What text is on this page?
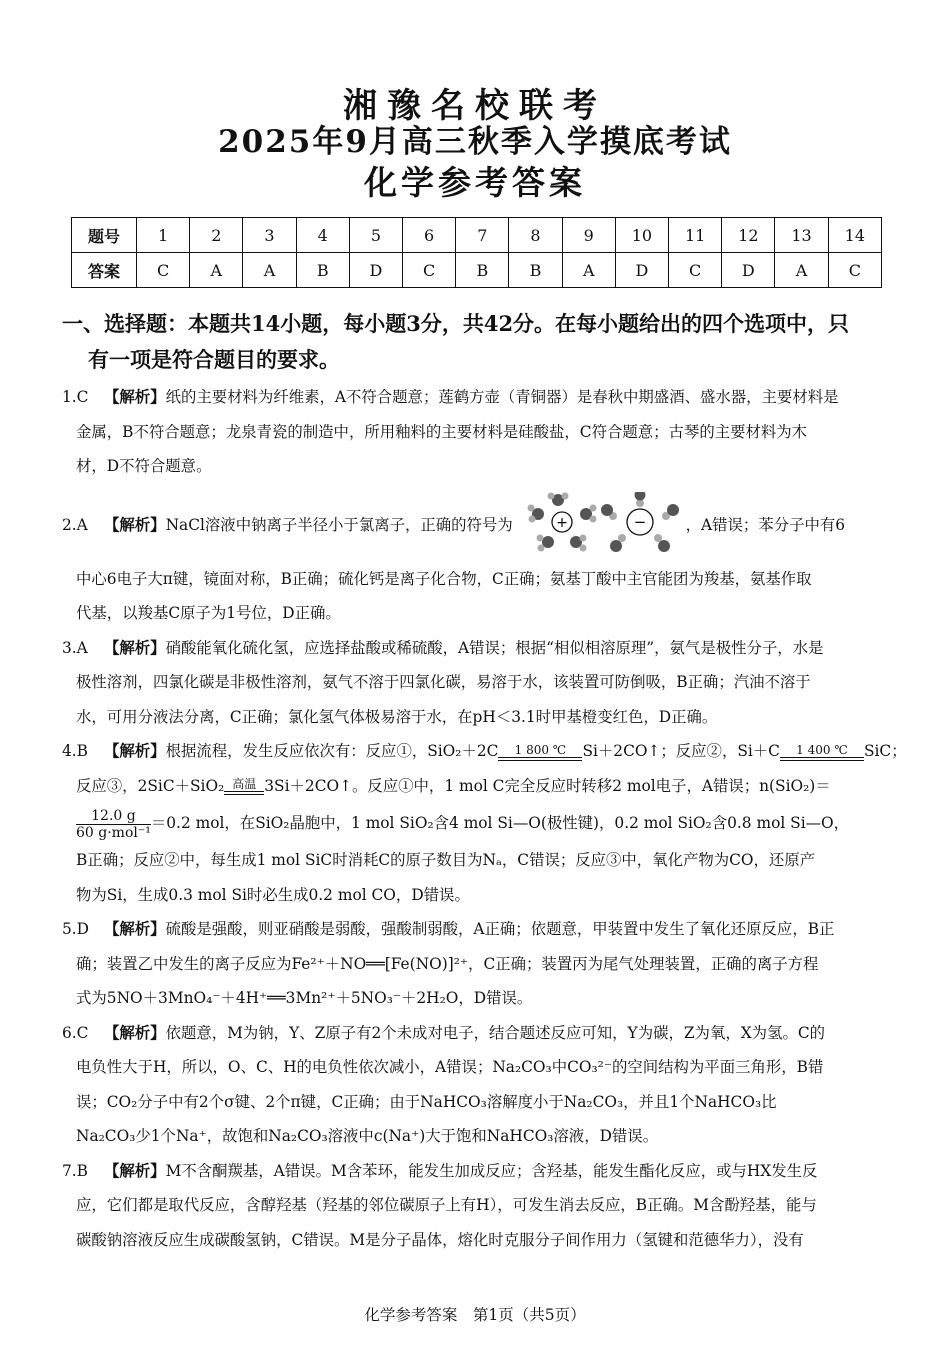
湘豫名校联考
2025年9月高三秋季入学摸底考试
化学参考答案
题号	1	2	3	4	5	6	7	8	9	10	11	12	13	14
答案	C	A	A	B	D	C	B	B	A	D	C	D	A	C
一、选择题：本题共14小题，每小题3分，共42分。在每小题给出的四个选项中，只
有一项是符合题目的要求。
1.C 【解析】纸的主要材料为纤维素，A不符合题意；莲鹤方壶（青铜器）是春秋中期盛酒、盛水器，主要材料是
金属，B不符合题意；龙泉青瓷的制造中，所用釉料的主要材料是硅酸盐，C符合题意；古琴的主要材料为木
材，D不符合题意。
2.A 【解析】NaCl溶液中钠离子半径小于氯离子，正确的符号为	+	−	，A错误；苯分子中有6
中心6电子大π键，镜面对称，B正确；硫化钙是离子化合物，C正确；氨基丁酸中主官能团为羧基，氨基作取
代基，以羧基C原子为1号位，D正确。
3.A 【解析】硝酸能氧化硫化氢，应选择盐酸或稀硫酸，A错误；根据“相似相溶原理”，氨气是极性分子，水是
极性溶剂，四氯化碳是非极性溶剂，氨气不溶于四氯化碳，易溶于水，该装置可防倒吸，B正确；汽油不溶于
水，可用分液法分离，C正确；氯化氢气体极易溶于水，在pH＜3.1时甲基橙变红色，D正确。
4.B 【解析】根据流程，发生反应依次有：反应①，SiO₂＋2C 1 800 ℃ Si＋2CO↑；反应②，Si＋C 1 400 ℃ SiC；
反应③，2SiC＋SiO₂ 高温 3Si＋2CO↑。反应①中，1 mol C完全反应时转移2 mol电子，A错误；n(SiO₂)＝
$\frac{12.0 g}{\text{60 g·mol⁻¹}}=0.2$ mol，在SiO₂晶胞中，1 mol SiO₂含4 mol Si—O(极性键)，0.2 mol SiO₂含0.8 mol Si—O，
B正确；反应②中，每生成1 mol SiC时消耗C的原子数目为Nₐ，C错误；反应③中，氧化产物为CO，还原产
物为Si，生成0.3 mol Si时必生成0.2 mol CO，D错误。
5.D 【解析】硫酸是强酸，则亚硝酸是弱酸，强酸制弱酸，A正确；依题意，甲装置中发生了氧化还原反应，B正
确；装置乙中发生的离子反应为Fe²⁺＋NO══[Fe(NO)]²⁺，C正确；装置丙为尾气处理装置，正确的离子方程
式为5NO＋3MnO₄⁻＋4H⁺══3Mn²⁺＋5NO₃⁻＋2H₂O，D错误。
6.C 【解析】依题意，M为钠，Y、Z原子有2个未成对电子，结合题述反应可知，Y为碳，Z为氧，X为氢。C的
电负性大于H，所以，O、C、H的电负性依次减小，A错误；Na₂CO₃中CO₃²⁻的空间结构为平面三角形，B错
误；CO₂分子中有2个σ键、2个π键，C正确；由于NaHCO₃溶解度小于Na₂CO₃，并且1个NaHCO₃比
Na₂CO₃少1个Na⁺，故饱和Na₂CO₃溶液中c(Na⁺)大于饱和NaHCO₃溶液，D错误。
7.B 【解析】M不含酮羰基，A错误。M含苯环，能发生加成反应；含羟基，能发生酯化反应，或与HX发生反
应，它们都是取代反应，含醇羟基（羟基的邻位碳原子上有H），可发生消去反应，B正确。M含酚羟基，能与
碳酸钠溶液反应生成碳酸氢钠，C错误。M是分子晶体，熔化时克服分子间作用力（氢键和范德华力），没有
化学参考答案　第1页（共5页）
